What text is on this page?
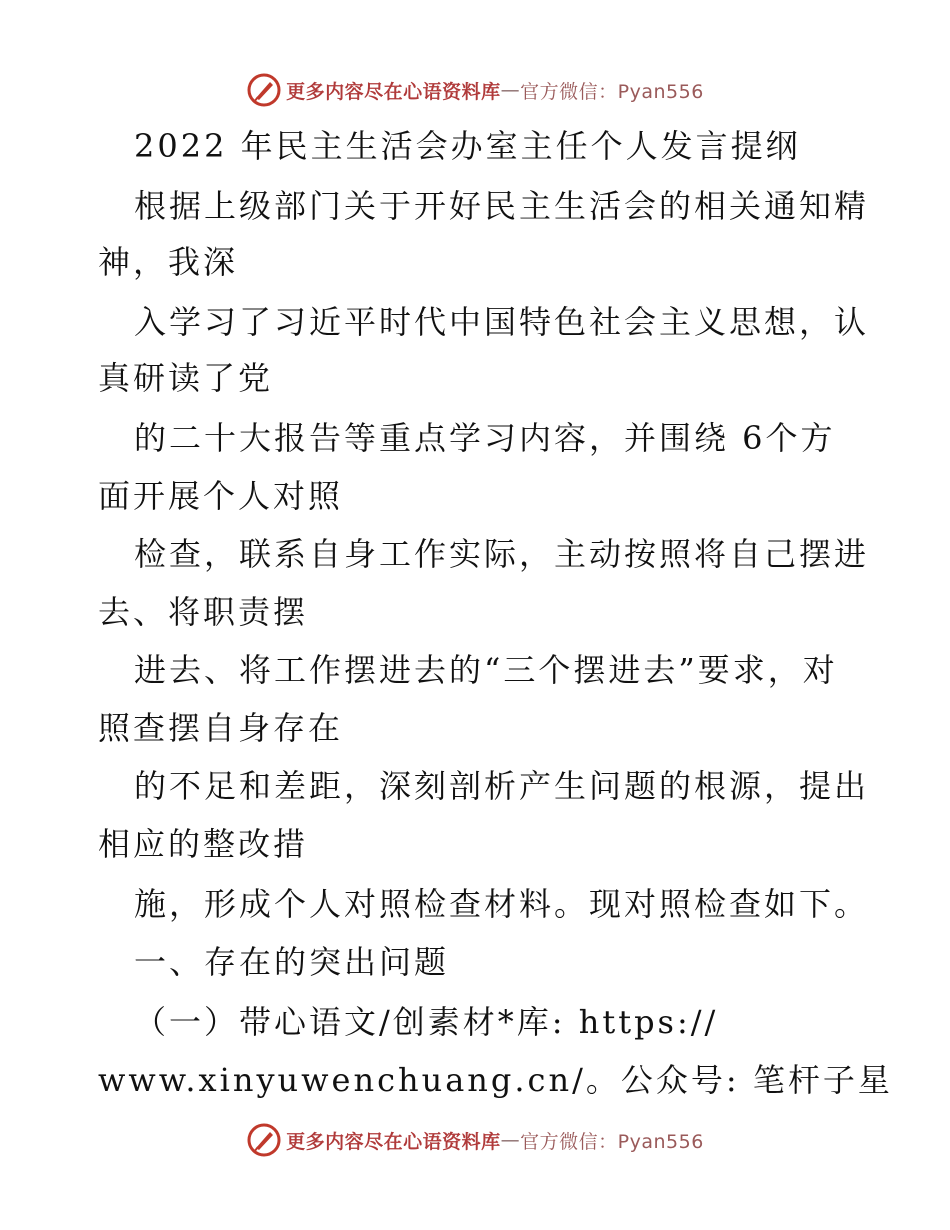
更多内容尽在心语资料库 — 官方微信：Pyan556
2022 年民主生活会办室主任个人发言提纲
根据上级部门关于开好民主生活会的相关通知精
神，我深
入学习了习近平时代中国特色社会主义思想，认
真研读了党
的二十大报告等重点学习内容，并围绕 6个方
面开展个人对照
检查，联系自身工作实际，主动按照将自己摆进
去、将职责摆
进去、将工作摆进去的“三个摆进去”要求，对
照查摆自身存在
的不足和差距，深刻剖析产生问题的根源，提出
相应的整改措
施，形成个人对照检查材料。现对照检查如下。
一、存在的突出问题
（一）带心语文/创素材*库: https://
www.xinyuwenchuang.cn/。公众号: 笔杆子星
更多内容尽在心语资料库 — 官方微信：Pyan556
